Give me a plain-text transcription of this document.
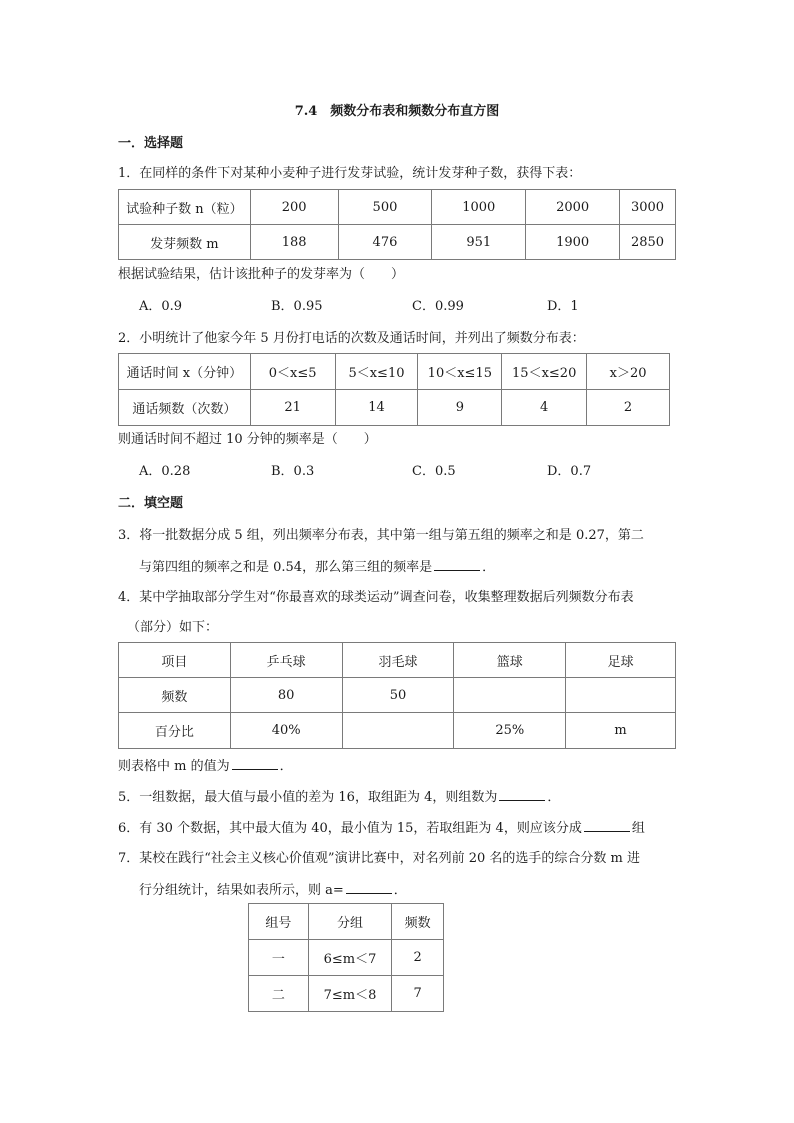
7.4　频数分布表和频数分布直方图
一．选择题
1．在同样的条件下对某种小麦种子进行发芽试验，统计发芽种子数，获得下表：
试验种子数 n（粒）	200	500	1000	2000	3000
发芽频数 m	188	476	951	1900	2850
根据试验结果，估计该批种子的发芽率为（　　）
A．0.9	B．0.95	C．0.99	D．1
2．小明统计了他家今年 5 月份打电话的次数及通话时间，并列出了频数分布表：
通话时间 x（分钟）	0＜x≤5	5＜x≤10	10＜x≤15	15＜x≤20	x＞20
通话频数（次数）	21	14	9	4	2
则通话时间不超过 10 分钟的频率是（　　）
A．0.28	B．0.3	C．0.5	D．0.7
二．填空题
3．将一批数据分成 5 组，列出频率分布表，其中第一组与第五组的频率之和是 0.27，第二
与第四组的频率之和是 0.54，那么第三组的频率是	．
4．某中学抽取部分学生对“你最喜欢的球类运动”调查问卷，收集整理数据后列频数分布表
（部分）如下：
项目	乒乓球	羽毛球	篮球	足球
频数	80	50		
百分比	40%		25%	m
则表格中 m 的值为	．
5．一组数据，最大值与最小值的差为 16，取组距为 4，则组数为	．
6．有 30 个数据，其中最大值为 40，最小值为 15，若取组距为 4，则应该分成	组
7．某校在践行“社会主义核心价值观”演讲比赛中，对名列前 20 名的选手的综合分数 m 进
行分组统计，结果如表所示，则 a=	．
组号	分组	频数
一	6≤m＜7	2
二	7≤m＜8	7
